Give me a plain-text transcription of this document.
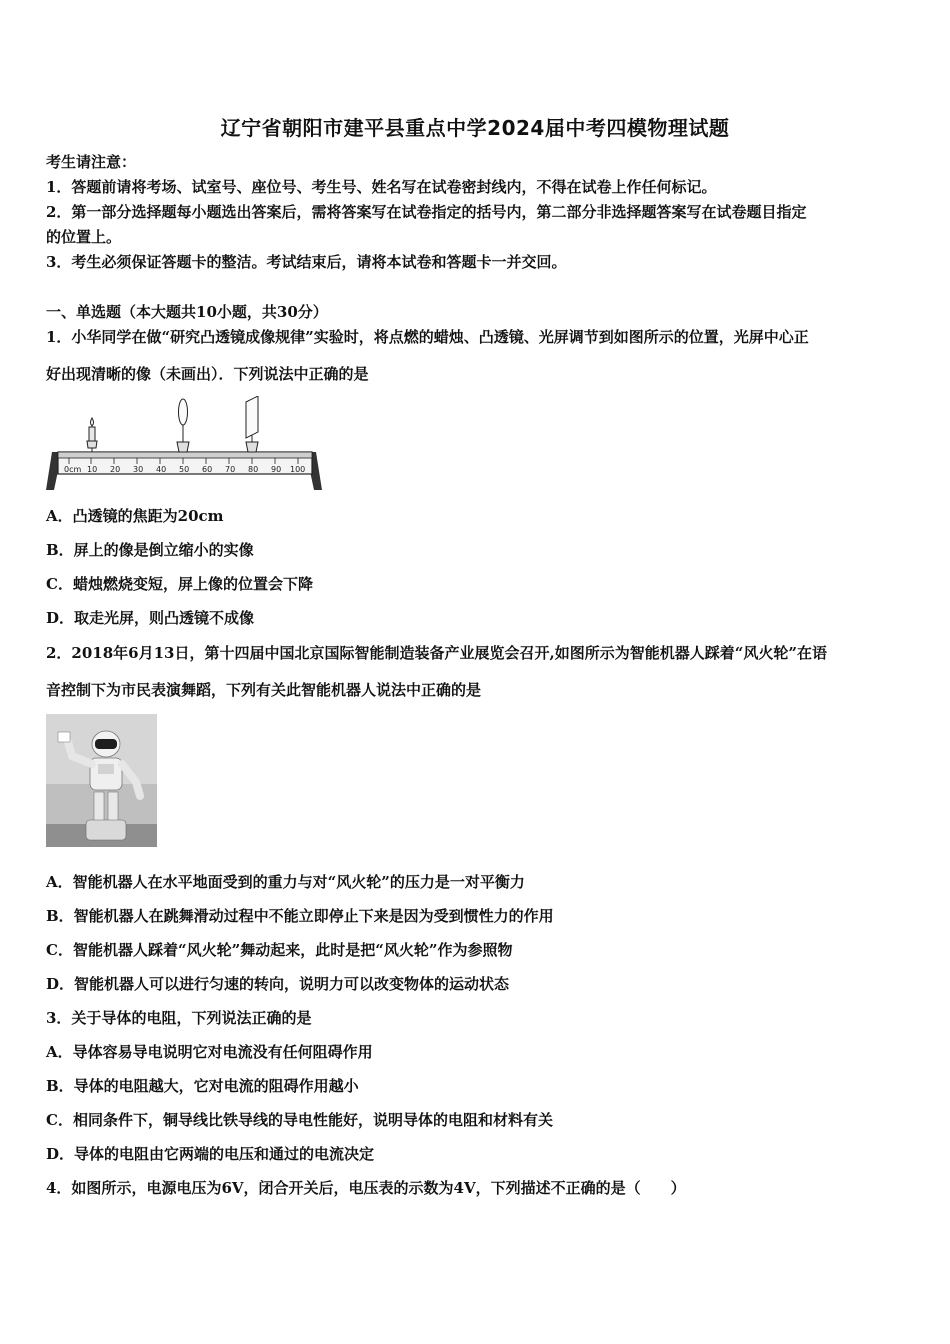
辽宁省朝阳市建平县重点中学2024届中考四模物理试题
考生请注意：
1．答题前请将考场、试室号、座位号、考生号、姓名写在试卷密封线内，不得在试卷上作任何标记。
2．第一部分选择题每小题选出答案后，需将答案写在试卷指定的括号内，第二部分非选择题答案写在试卷题目指定
的位置上。
3．考生必须保证答题卡的整洁。考试结束后，请将本试卷和答题卡一并交回。
一、单选题（本大题共10小题，共30分）
1．小华同学在做“研究凸透镜成像规律”实验时，将点燃的蜡烛、凸透镜、光屏调节到如图所示的位置，光屏中心正
好出现清晰的像（未画出）．下列说法中正确的是
0cm 10 20 30 40 50 60 70 80 90 100
A．凸透镜的焦距为20cm
B．屏上的像是倒立缩小的实像
C．蜡烛燃烧变短，屏上像的位置会下降
D．取走光屏，则凸透镜不成像
2．2018年6月13日，第十四届中国北京国际智能制造装备产业展览会召开,如图所示为智能机器人踩着“风火轮”在语
音控制下为市民表演舞蹈，下列有关此智能机器人说法中正确的是
A．智能机器人在水平地面受到的重力与对“风火轮”的压力是一对平衡力
B．智能机器人在跳舞滑动过程中不能立即停止下来是因为受到惯性力的作用
C．智能机器人踩着“风火轮”舞动起来，此时是把“风火轮”作为参照物
D．智能机器人可以进行匀速的转向，说明力可以改变物体的运动状态
3．关于导体的电阻，下列说法正确的是
A．导体容易导电说明它对电流没有任何阻碍作用
B．导体的电阻越大，它对电流的阻碍作用越小
C．相同条件下，铜导线比铁导线的导电性能好，说明导体的电阻和材料有关
D．导体的电阻由它两端的电压和通过的电流决定
4．如图所示，电源电压为6V，闭合开关后，电压表的示数为4V，下列描述不正确的是（　　）
